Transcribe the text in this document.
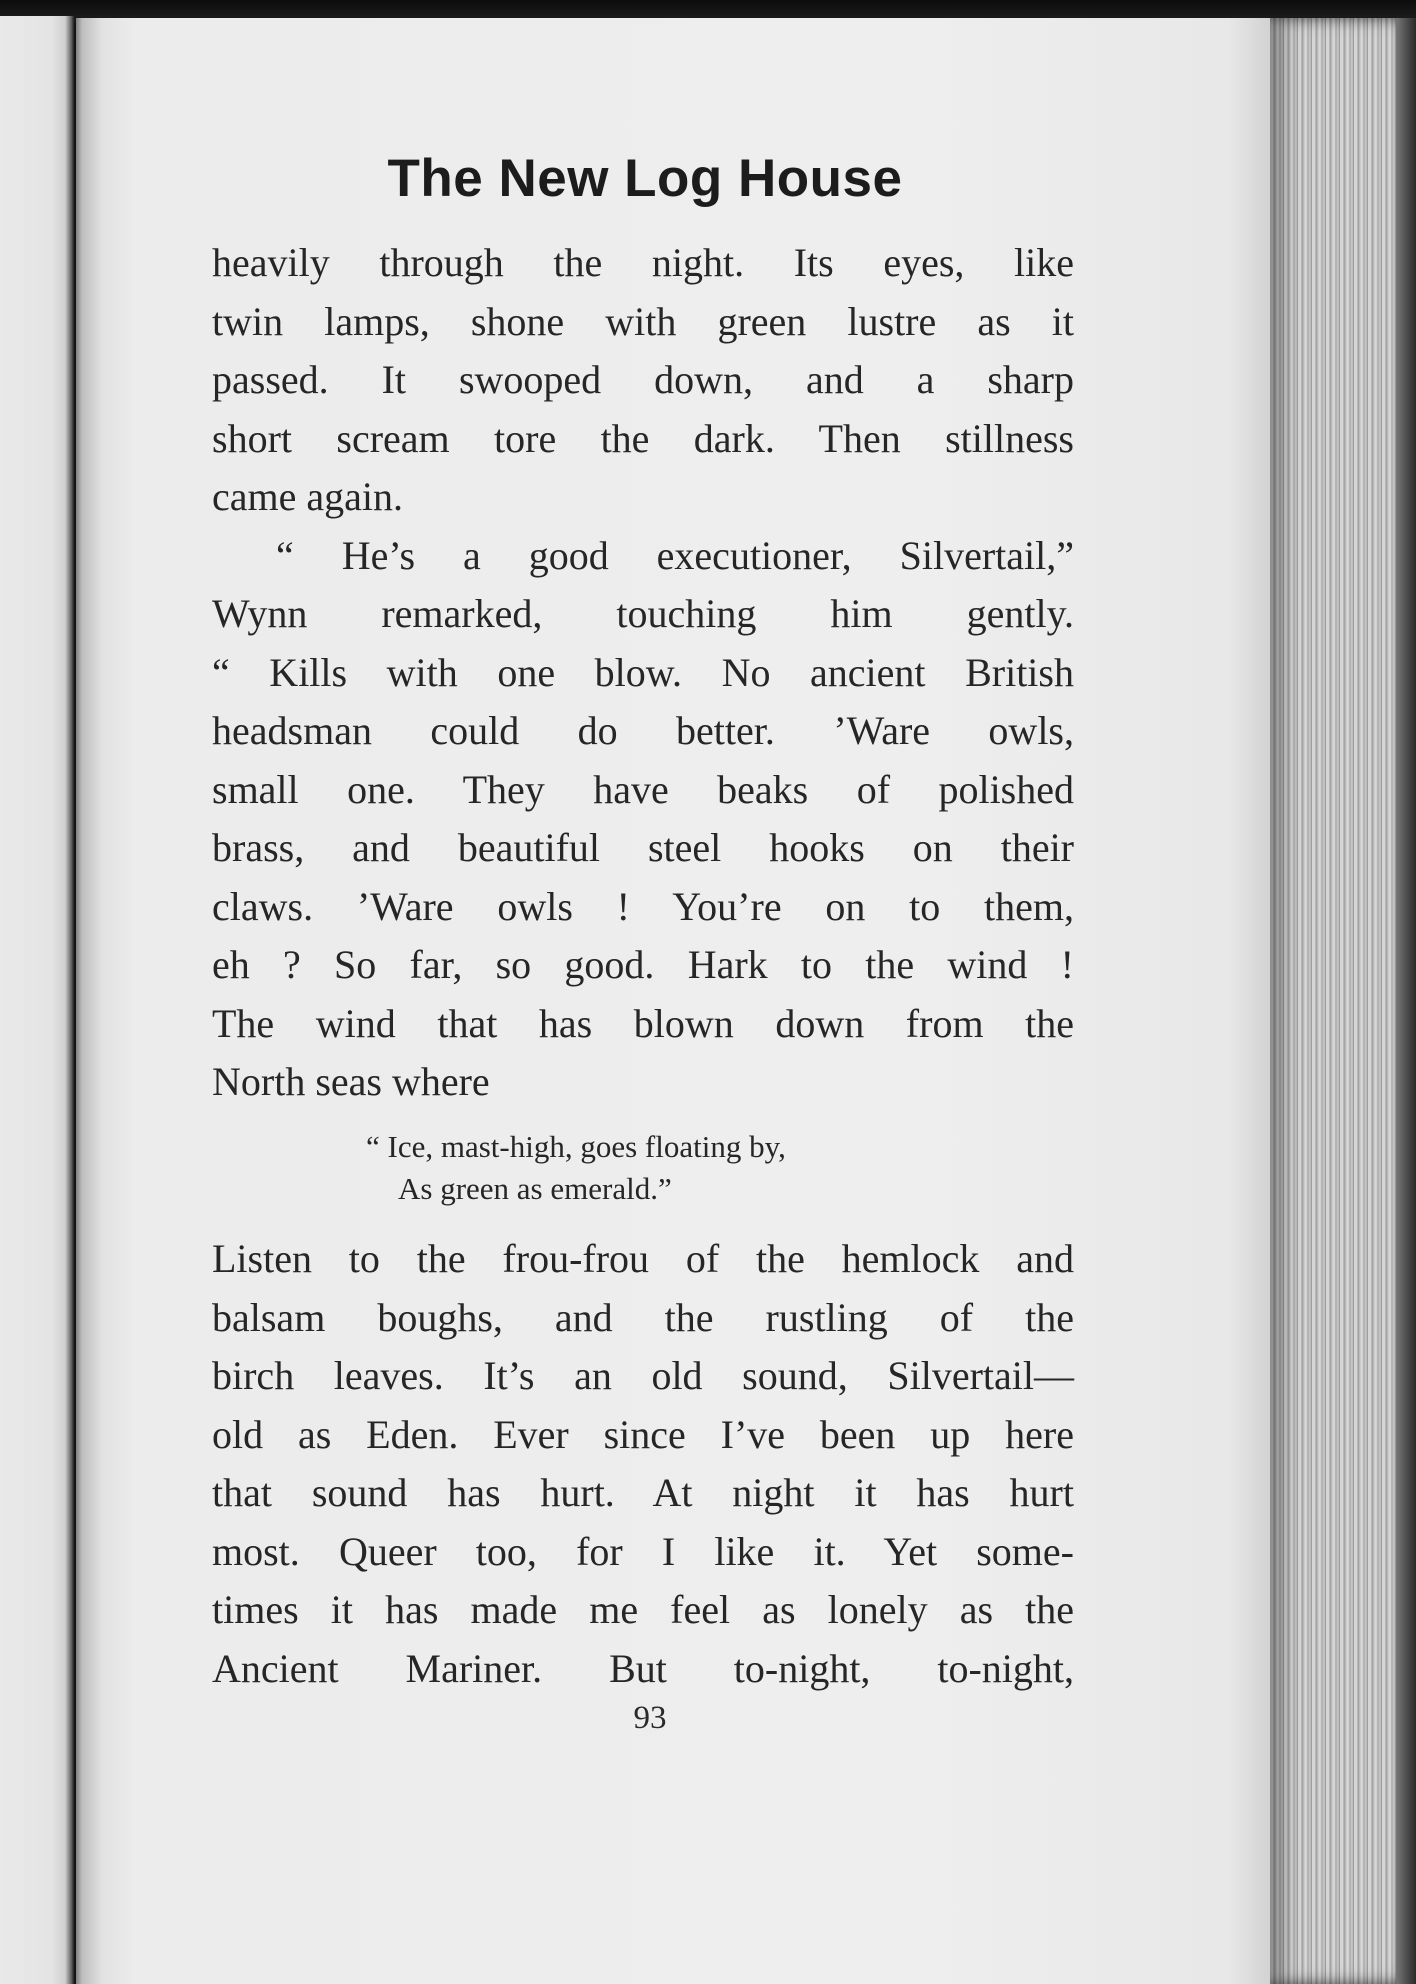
The New Log House
heavily through the night. Its eyes, like
twin lamps, shone with green lustre as it
passed. It swooped down, and a sharp
short scream tore the dark. Then stillness
came again.
“ He’s a good executioner, Silvertail,”
Wynn remarked, touching him gently.
“ Kills with one blow. No ancient British
headsman could do better. ’Ware owls,
small one. They have beaks of polished
brass, and beautiful steel hooks on their
claws. ’Ware owls ! You’re on to them,
eh ? So far, so good. Hark to the wind !
The wind that has blown down from the
North seas where
“ Ice, mast-high, goes floating by,
As green as emerald.”
Listen to the frou-frou of the hemlock and
balsam boughs, and the rustling of the
birch leaves. It’s an old sound, Silvertail—
old as Eden. Ever since I’ve been up here
that sound has hurt. At night it has hurt
most. Queer too, for I like it. Yet some-
times it has made me feel as lonely as the
Ancient Mariner. But to-night, to-night,
93
